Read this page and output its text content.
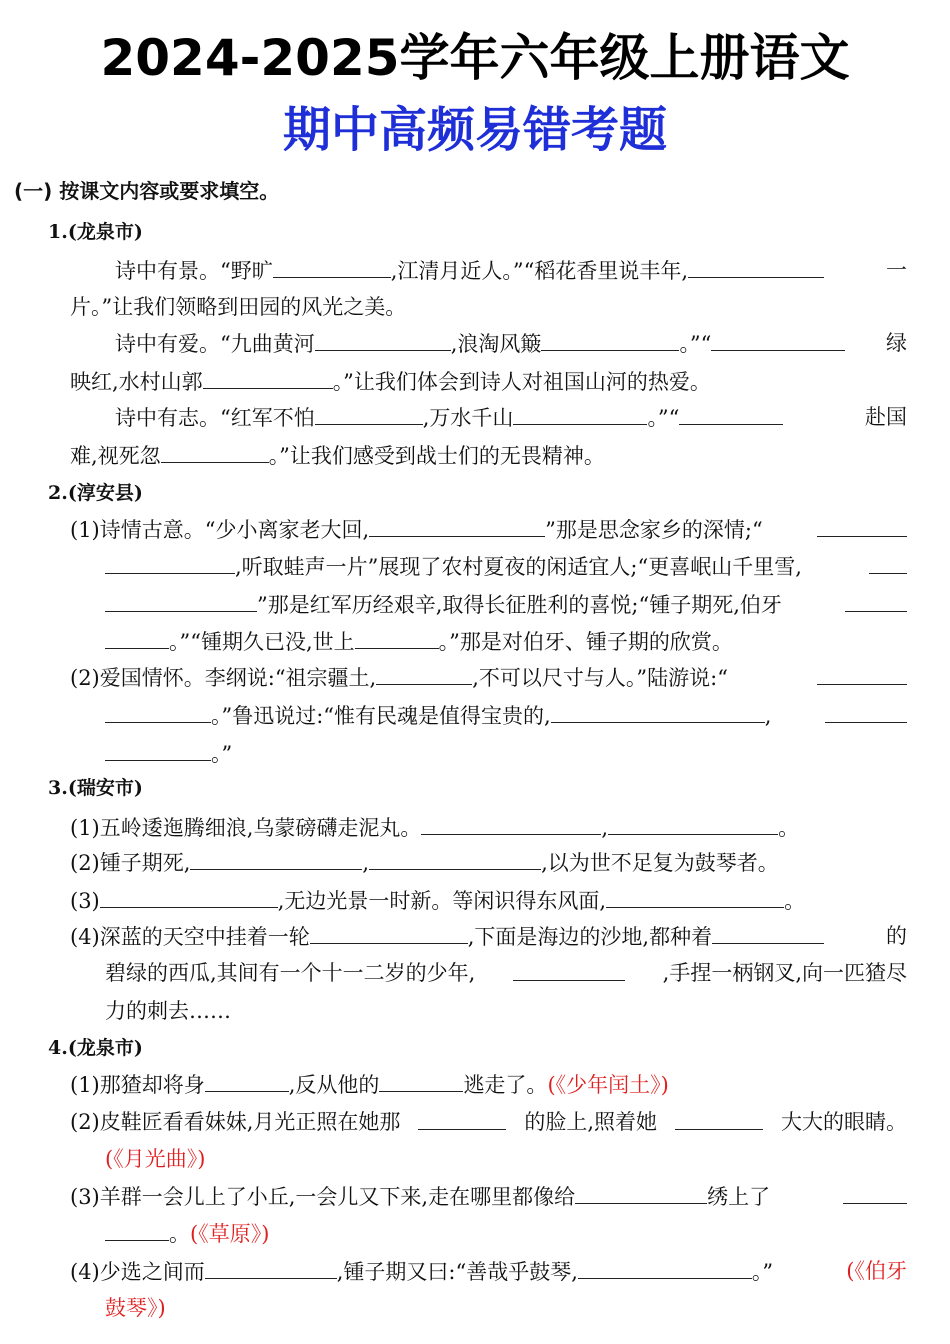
2024-2025学年六年级上册语文
期中高频易错考题
(一) 按课文内容或要求填空。
1.(龙泉市)
诗中有景。“野旷	,江清月近人。”“稻花香里说丰年,	一
片。”让我们领略到田园的风光之美。
诗中有爱。“九曲黄河	,浪淘风簸	。”“	绿
映红,水村山郭	。”让我们体会到诗人对祖国山河的热爱。
诗中有志。“红军不怕	,万水千山	。”“	赴国
难,视死忽	。”让我们感受到战士们的无畏精神。
2.(淳安县)
(1)诗情古意。“少小离家老大回,	”那是思念家乡的深情;“
,听取蛙声一片”展现了农村夏夜的闲适宜人;“更喜岷山千里雪,
”那是红军历经艰辛,取得长征胜利的喜悦;“锺子期死,伯牙
。”“锺期久已没,世上	。”那是对伯牙、锺子期的欣赏。
(2)爱国情怀。李纲说:“祖宗疆土,	,不可以尺寸与人。”陆游说:“
。”鲁迅说过:“惟有民魂是值得宝贵的,	,
。”
3.(瑞安市)
(1)五岭逶迤腾细浪,乌蒙磅礴走泥丸。	,	。
(2)锺子期死,	,	,以为世不足复为鼓琴者。
(3)	,无边光景一时新。等闲识得东风面,	。
(4)深蓝的天空中挂着一轮	,下面是海边的沙地,都种着	的
碧绿的西瓜,其间有一个十一二岁的少年,	,手捏一柄钢叉,向一匹猹尽
力的刺去……
4.(龙泉市)
(1)那猹却将身	,反从他的	逃走了。(《少年闰土》)
(2)皮鞋匠看看妹妹,月光正照在她那	的脸上,照着她	大大的眼睛。
(《月光曲》)
(3)羊群一会儿上了小丘,一会儿又下来,走在哪里都像给	绣上了
。(《草原》)
(4)少选之间而	,锺子期又曰:“善哉乎鼓琴,	。”	(《伯牙
鼓琴》)
